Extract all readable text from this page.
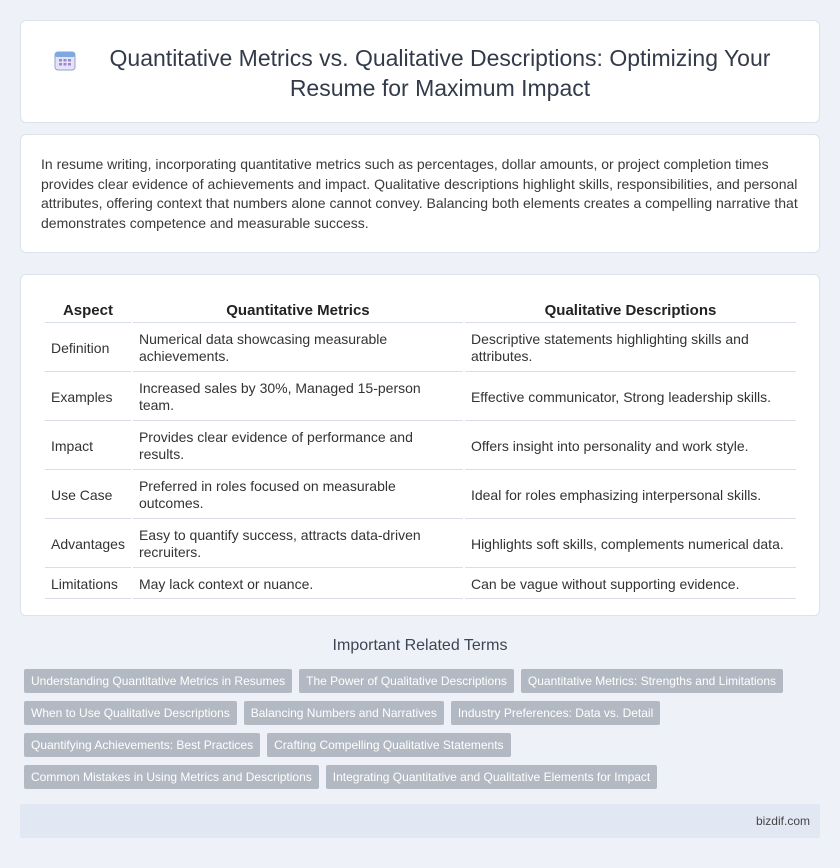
Quantitative Metrics vs. Qualitative Descriptions: Optimizing Your Resume for Maximum Impact

In resume writing, incorporating quantitative metrics such as percentages, dollar amounts, or project completion times provides clear evidence of achievements and impact. Qualitative descriptions highlight skills, responsibilities, and personal attributes, offering context that numbers alone cannot convey. Balancing both elements creates a compelling narrative that demonstrates competence and measurable success.

Aspect	Quantitative Metrics	Qualitative Descriptions
Definition	Numerical data showcasing measurable achievements.	Descriptive statements highlighting skills and attributes.
Examples	Increased sales by 30%, Managed 15-person team.	Effective communicator, Strong leadership skills.
Impact	Provides clear evidence of performance and results.	Offers insight into personality and work style.
Use Case	Preferred in roles focused on measurable outcomes.	Ideal for roles emphasizing interpersonal skills.
Advantages	Easy to quantify success, attracts data-driven recruiters.	Highlights soft skills, complements numerical data.
Limitations	May lack context or nuance.	Can be vague without supporting evidence.
Important Related Terms
Understanding Quantitative Metrics in Resumes	The Power of Qualitative Descriptions	Quantitative Metrics: Strengths and Limitations
When to Use Qualitative Descriptions	Balancing Numbers and Narratives	Industry Preferences: Data vs. Detail
Quantifying Achievements: Best Practices	Crafting Compelling Qualitative Statements
Common Mistakes in Using Metrics and Descriptions	Integrating Quantitative and Qualitative Elements for Impact
bizdif.com
